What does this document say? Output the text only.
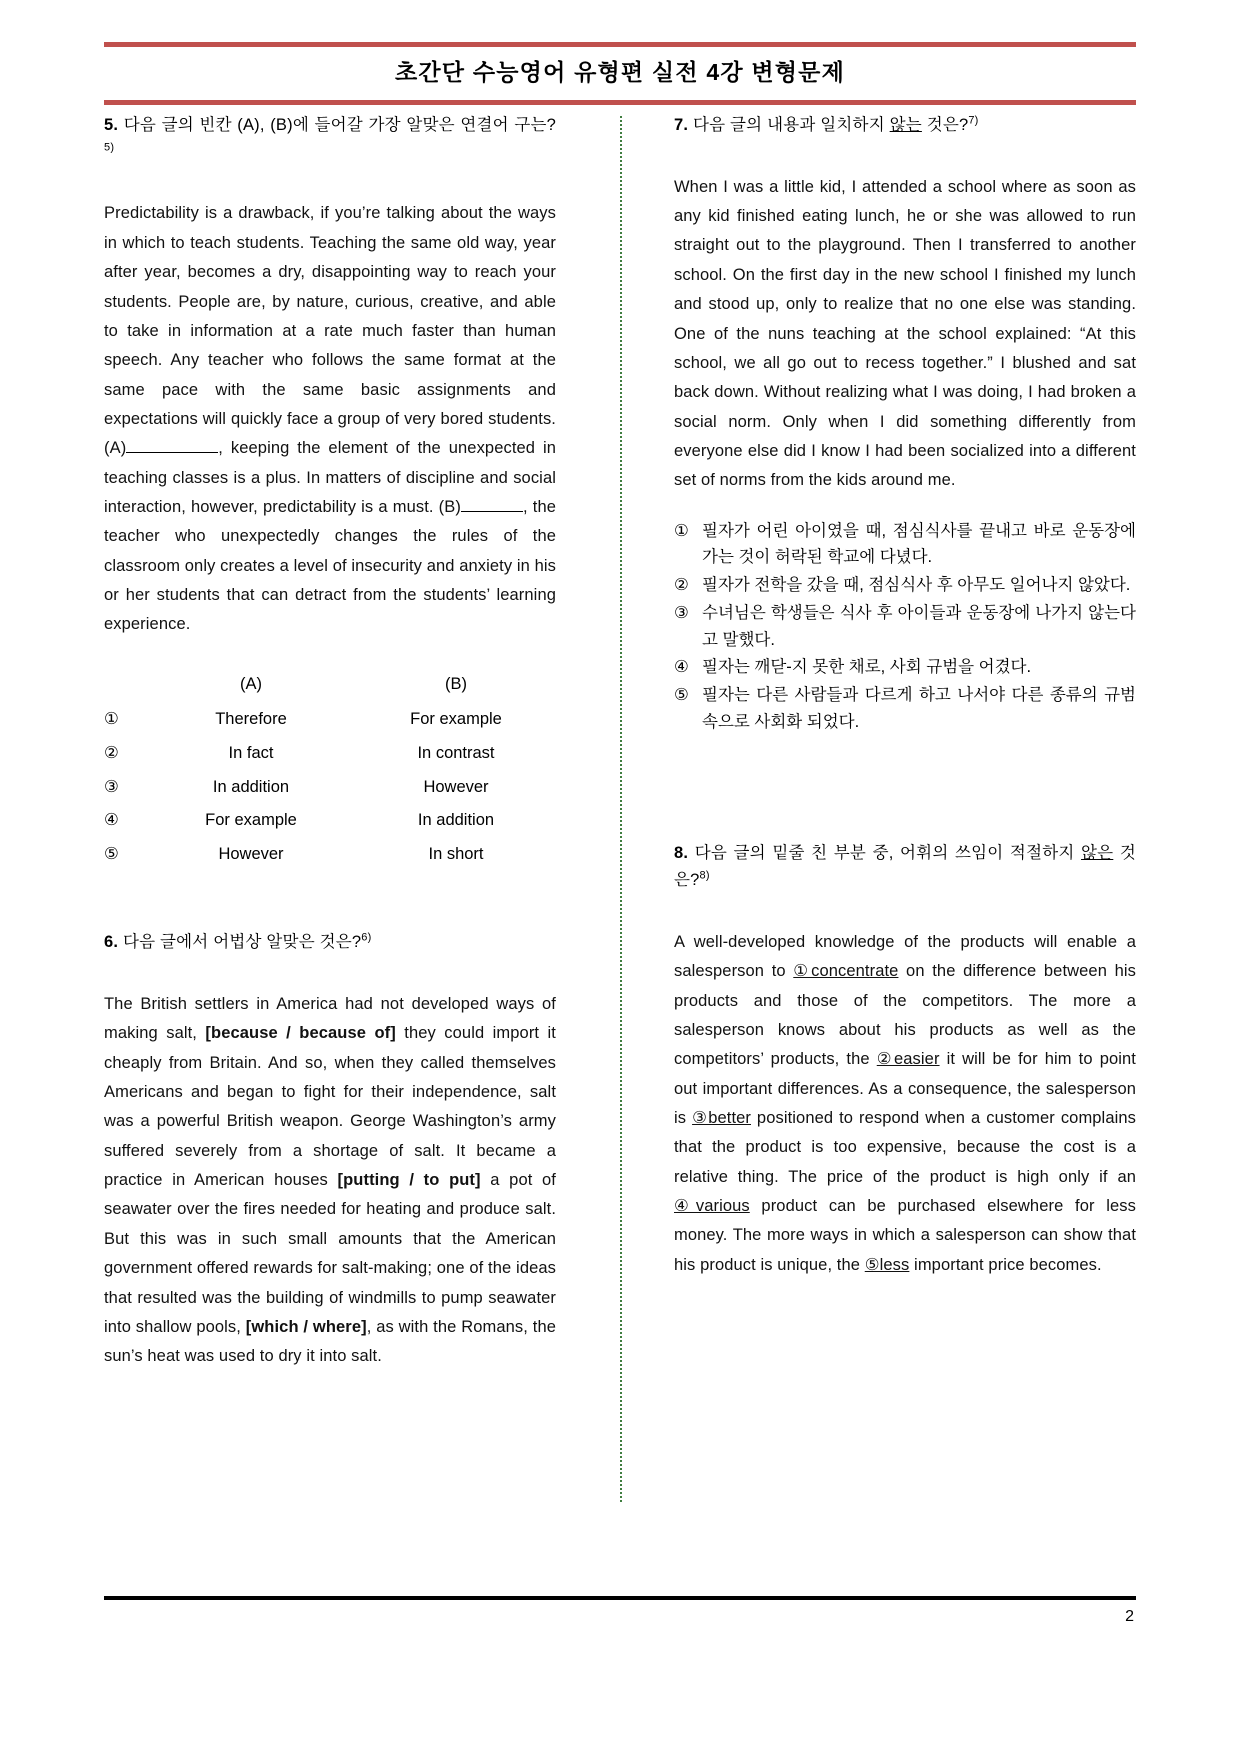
초간단 수능영어 유형편 실전 4강 변형문제

5. 다음 글의 빈칸 (A), (B)에 들어갈 가장 알맞은 연결어 구는?$^{5)}$

Predictability is a drawback, if you’re talking about the ways in which to teach students. Teaching the same old way, year after year, becomes a dry, disappointing way to reach your students. People are, by nature, curious, creative, and able to take in information at a rate much faster than human speech. Any teacher who follows the same format at the same pace with the same basic assignments and expectations will quickly face a group of very bored students. (A)	, keeping the element of the unexpected in teaching classes is a plus. In matters of discipline and social interaction, however, predictability is a must. (B)	, the teacher who unexpectedly changes the rules of the classroom only creates a level of insecurity and anxiety in his or her students that can detract from the students’ learning experience.

	(A)	(B)
①	Therefore	For example
②	In fact	In contrast
③	In addition	However
④	For example	In addition
⑤	However	In short

6. 다음 글에서 어법상 알맞은 것은?$^{6)}$

The British settlers in America had not developed ways of making salt, [because / because of] they could import it cheaply from Britain. And so, when they called themselves Americans and began to fight for their independence, salt was a powerful British weapon. George Washington’s army suffered severely from a shortage of salt. It became a practice in American houses [putting / to put] a pot of seawater over the fires needed for heating and produce salt. But this was in such small amounts that the American government offered rewards for salt-making; one of the ideas that resulted was the building of windmills to pump seawater into shallow pools, [which / where], as with the Romans, the sun’s heat was used to dry it into salt.

7. 다음 글의 내용과 일치하지 않는 것은?$^{7)}$

When I was a little kid, I attended a school where as soon as any kid finished eating lunch, he or she was allowed to run straight out to the playground. Then I transferred to another school. On the first day in the new school I finished my lunch and stood up, only to realize that no one else was standing. One of the nuns teaching at the school explained: “At this school, we all go out to recess together.” I blushed and sat back down. Without realizing what I was doing, I had broken a social norm. Only when I did something differently from everyone else did I know I had been socialized into a different set of norms from the kids around me.

① 필자가 어린 아이였을 때, 점심식사를 끝내고 바로 운동장에 가는 것이 허락된 학교에 다녔다.
② 필자가 전학을 갔을 때, 점심식사 후 아무도 일어나지 않았다.
③ 수녀님은 학생들은 식사 후 아이들과 운동장에 나가지 않는다고 말했다.
④ 필자는 깨닫-지 못한 채로, 사회 규범을 어겼다.
⑤ 필자는 다른 사람들과 다르게 하고 나서야 다른 종류의 규범 속으로 사회화 되었다.

8. 다음 글의 밑줄 친 부분 중, 어휘의 쓰임이 적절하지 않은 것은?$^{8)}$

A well-developed knowledge of the products will enable a salesperson to ①concentrate on the difference between his products and those of the competitors. The more a salesperson knows about his products as well as the competitors’ products, the ②easier it will be for him to point out important differences. As a consequence, the salesperson is ③better positioned to respond when a customer complains that the product is too expensive, because the cost is a relative thing. The price of the product is high only if an ④various product can be purchased elsewhere for less money. The more ways in which a salesperson can show that his product is unique, the ⑤less important price becomes.

2
